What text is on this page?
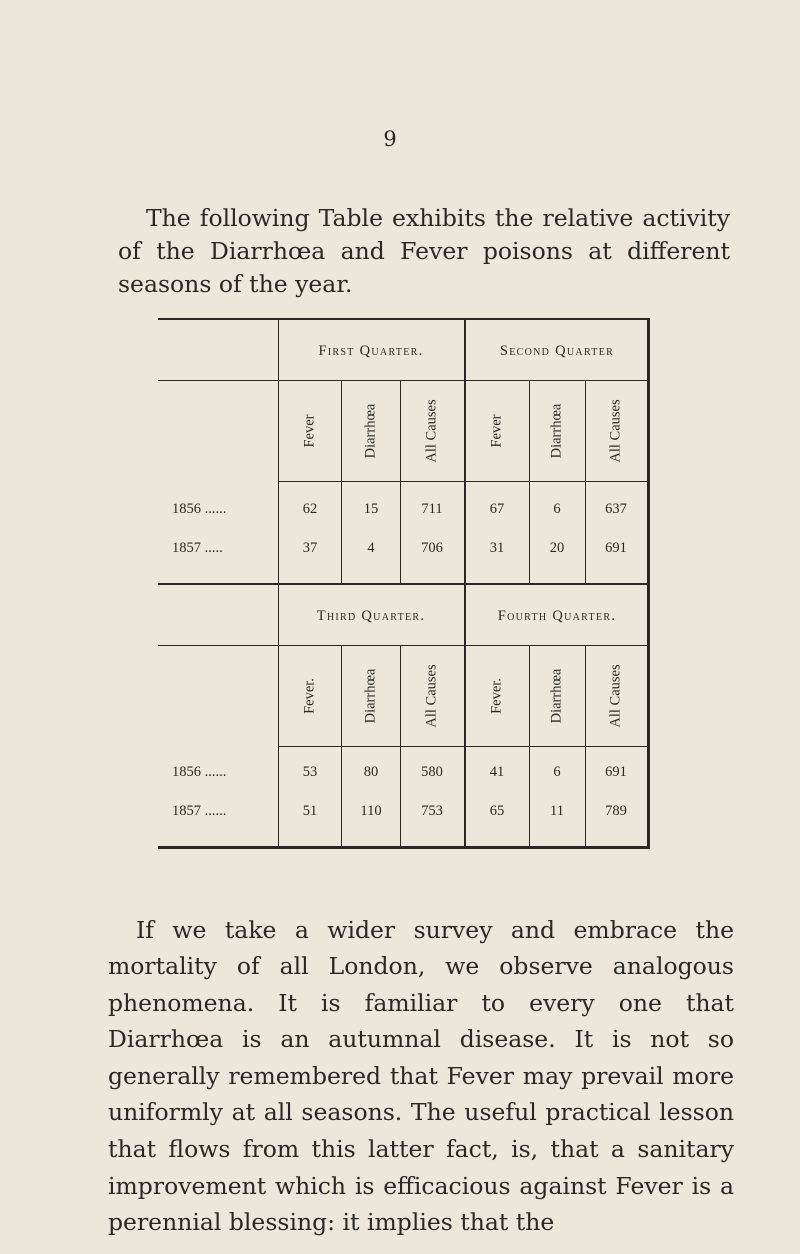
9

The following Table exhibits the relative activity of the Diarrhœa and Fever poisons at different seasons of the year.

First Quarter.	Second Quarter
Fever	Diarrhœa	All Causes	Fever	Diarrhœa	All Causes
1856 ......	62	15	711	67	6	637
1857 .....	37	4	706	31	20	691
Third Quarter.	Fourth Quarter.
Fever.	Diarrhœa	All Causes	Fever.	Diarrhœa	All Causes
1856 ......	53	80	580	41	6	691
1857 ......	51	110	753	65	11	789

If we take a wider survey and embrace the mortality of all London, we observe analogous phenomena. It is familiar to every one that Diarrhœa is an autumnal disease. It is not so generally remembered that Fever may prevail more uniformly at all seasons. The useful practical lesson that flows from this latter fact, is, that a sanitary improvement which is efficacious against Fever is a perennial blessing: it implies that the
